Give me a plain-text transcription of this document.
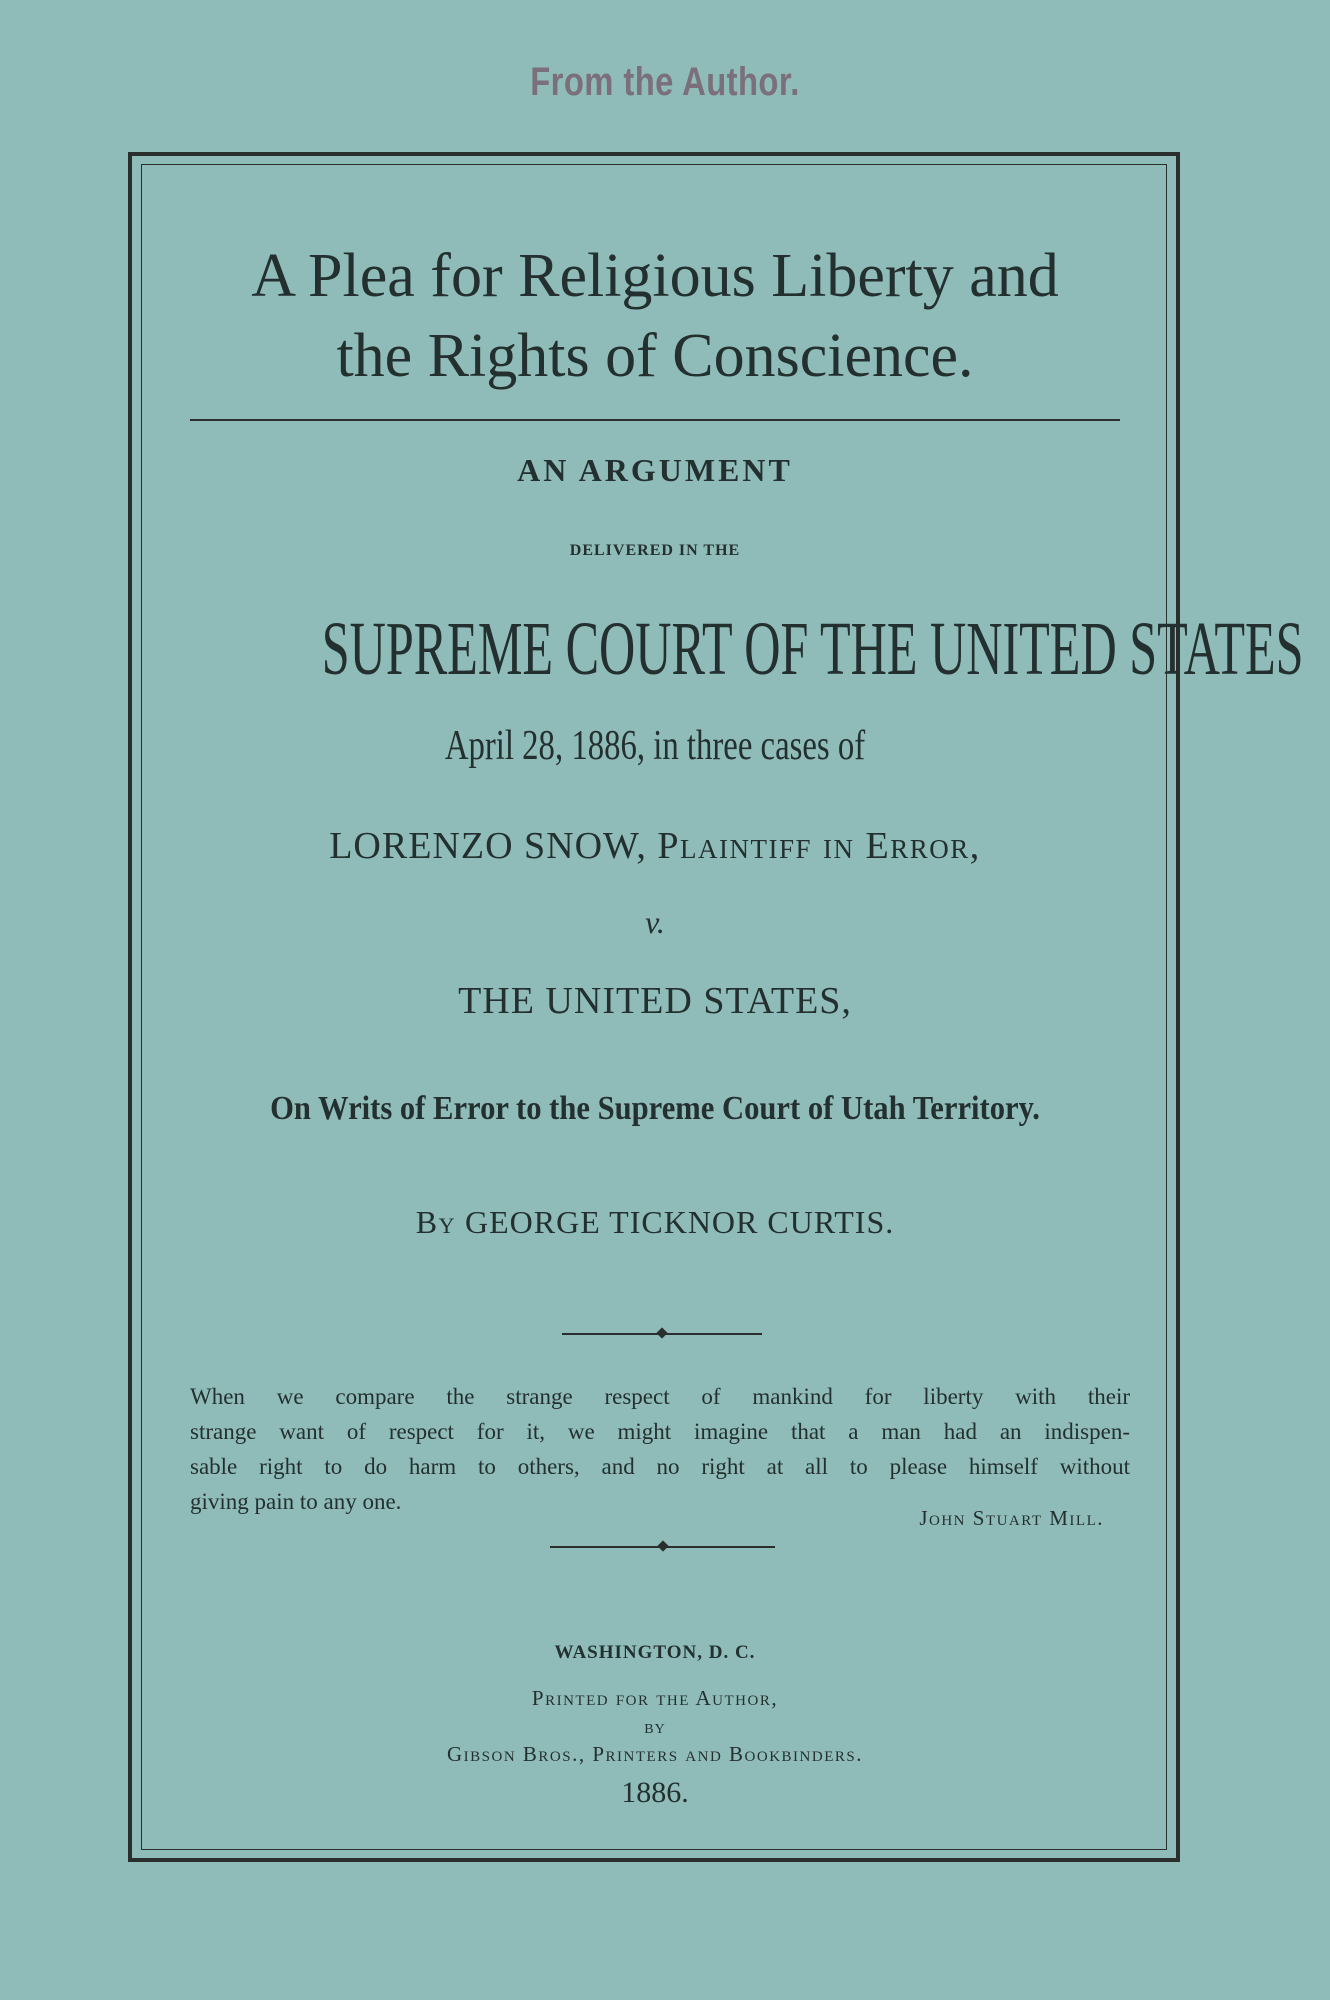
From the Author.
A Plea for Religious Liberty and
the Rights of Conscience.
AN ARGUMENT
DELIVERED IN THE
SUPREME COURT OF THE UNITED STATES
April 28, 1886, in three cases of
LORENZO SNOW, Plaintiff in Error,
v.
THE UNITED STATES,
On Writs of Error to the Supreme Court of Utah Territory.
By GEORGE TICKNOR CURTIS.
When we compare the strange respect of mankind for liberty with their
strange want of respect for it, we might imagine that a man had an indispen-
sable right to do harm to others, and no right at all to please himself without
giving pain to any one.
John Stuart Mill.
WASHINGTON, D. C.
Printed for the Author,
BY
Gibson Bros., Printers and Bookbinders.
1886.
